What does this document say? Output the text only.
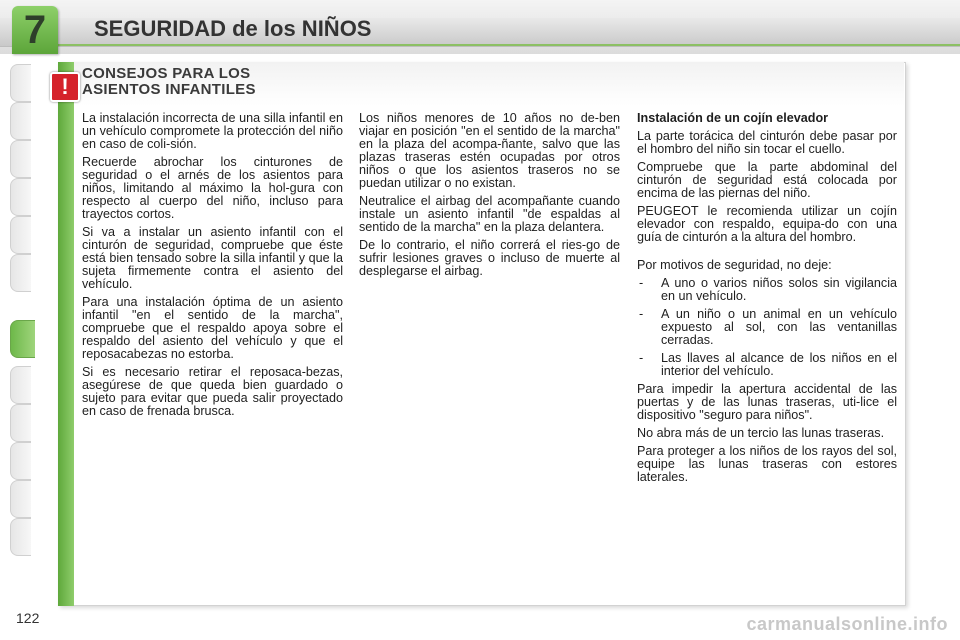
7	SEGURIDAD de los NIÑOS
!
CONSEJOS PARA LOS
ASIENTOS INFANTILES

La instalación incorrecta de una silla infantil en un vehículo compromete la protección del niño en caso de coli-sión.

Recuerde abrochar los cinturones de seguridad o el arnés de los asientos para niños, limitando al máximo la hol-gura con respecto al cuerpo del niño, incluso para trayectos cortos.

Si va a instalar un asiento infantil con el cinturón de seguridad, compruebe que éste está bien tensado sobre la silla infantil y que la sujeta firmemente contra el asiento del vehículo.

Para una instalación óptima de un asiento infantil "en el sentido de la marcha", compruebe que el respaldo apoya sobre el respaldo del asiento del vehículo y que el reposacabezas no estorba.

Si es necesario retirar el reposaca-bezas, asegúrese de que queda bien guardado o sujeto para evitar que pueda salir proyectado en caso de frenada brusca.

Los niños menores de 10 años no de-ben viajar en posición "en el sentido de la marcha" en la plaza del acompa-ñante, salvo que las plazas traseras estén ocupadas por otros niños o que los asientos traseros no se puedan utilizar o no existan.

Neutralice el airbag del acompañante cuando instale un asiento infantil "de espaldas al sentido de la marcha" en la plaza delantera.

De lo contrario, el niño correrá el ries-go de sufrir lesiones graves o incluso de muerte al desplegarse el airbag.

Instalación de un cojín elevador

La parte torácica del cinturón debe pasar por el hombro del niño sin tocar el cuello.

Compruebe que la parte abdominal del cinturón de seguridad está colocada por encima de las piernas del niño.

PEUGEOT le recomienda utilizar un cojín elevador con respaldo, equipa-do con una guía de cinturón a la altura del hombro.

Por motivos de seguridad, no deje:

- A uno o varios niños solos sin vigilancia en un vehículo.
- A un niño o un animal en un vehículo expuesto al sol, con las ventanillas cerradas.
- Las llaves al alcance de los niños en el interior del vehículo.

Para impedir la apertura accidental de las puertas y de las lunas traseras, uti-lice el dispositivo "seguro para niños".

No abra más de un tercio las lunas traseras.

Para proteger a los niños de los rayos del sol, equipe las lunas traseras con estores laterales.

122	carmanualsonline.info
